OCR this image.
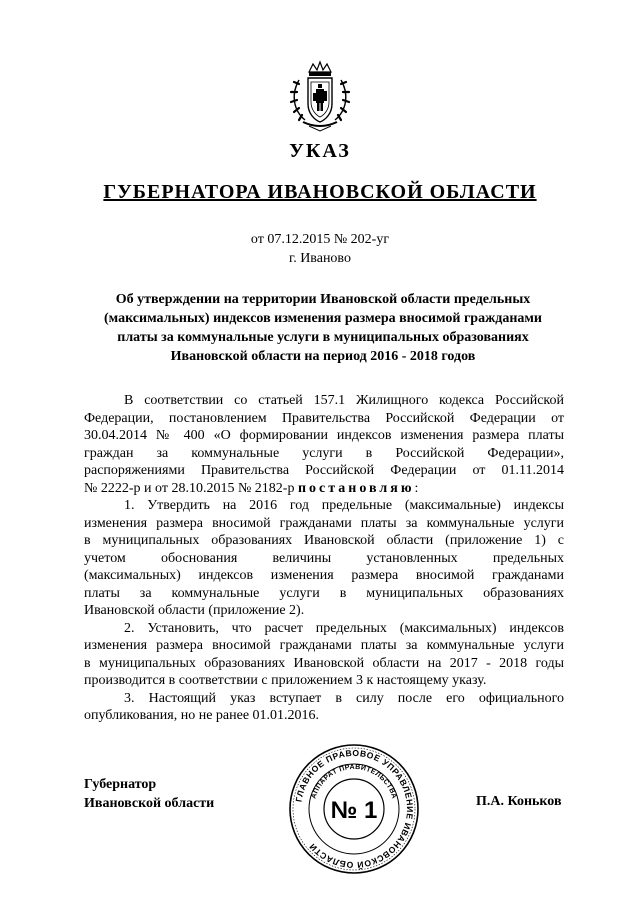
УКАЗ
ГУБЕРНАТОРА ИВАНОВСКОЙ ОБЛАСТИ
от 07.12.2015 № 202-уг
г. Иваново
Об утверждении на территории Ивановской области предельных
(максимальных) индексов изменения размера вносимой гражданами
платы за коммунальные услуги в муниципальных образованиях
Ивановской области на период 2016 - 2018 годов
В соответствии со статьей 157.1 Жилищного кодекса Российской
Федерации, постановлением Правительства Российской Федерации от
30.04.2014 № 400 «О формировании индексов изменения размера платы
граждан за коммунальные услуги в Российской Федерации»,
распоряжениями Правительства Российской Федерации от 01.11.2014
№ 2222-р и от 28.10.2015 № 2182-р постановляю:
1. Утвердить на 2016 год предельные (максимальные) индексы
изменения размера вносимой гражданами платы за коммунальные услуги
в муниципальных образованиях Ивановской области (приложение 1) с
учетом обоснования величины установленных предельных
(максимальных) индексов изменения размера вносимой гражданами
платы за коммунальные услуги в муниципальных образованиях
Ивановской области (приложение 2).
2. Установить, что расчет предельных (максимальных) индексов
изменения размера вносимой гражданами платы за коммунальные услуги
в муниципальных образованиях Ивановской области на 2017 - 2018 годы
производится в соответствии с приложением 3 к настоящему указу.
3. Настоящий указ вступает в силу после его официального
опубликования, но не ранее 01.01.2016.
Губернатор
Ивановской области	П.А. Коньков
ГЛАВНОЕ ПРАВОВОЕ УПРАВЛЕНИЕ ИВАНОВСКОЙ ОБЛАСТИ
АППАРАТ ПРАВИТЕЛЬСТВА
№ 1
